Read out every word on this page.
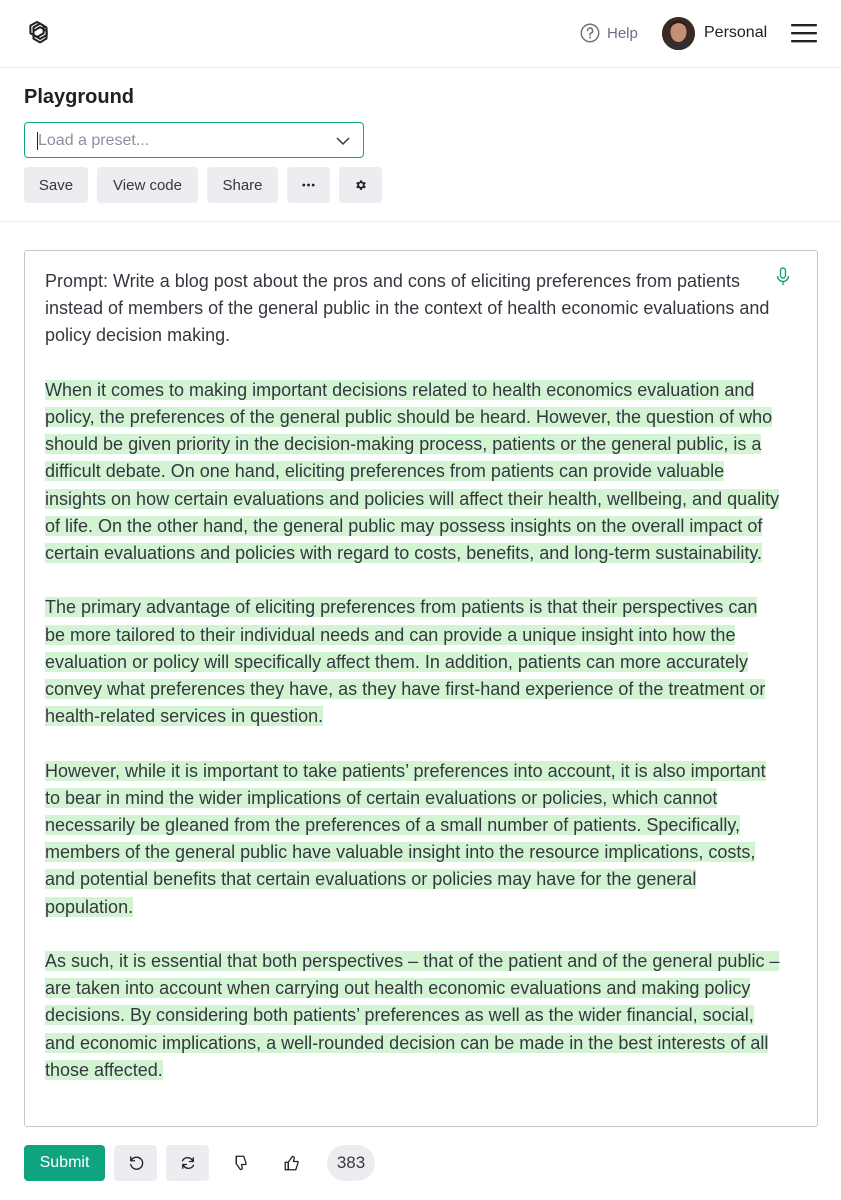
Help	Personal
Playground
Load a preset...
Save	View code	Share

Prompt: Write a blog post about the pros and cons of eliciting preferences from patients instead of members of the general public in the context of health economic evaluations and policy decision making.

When it comes to making important decisions related to health economics evaluation and policy, the preferences of the general public should be heard. However, the question of who should be given priority in the decision-making process, patients or the general public, is a difficult debate. On one hand, eliciting preferences from patients can provide valuable insights on how certain evaluations and policies will affect their health, wellbeing, and quality of life. On the other hand, the general public may possess insights on the overall impact of certain evaluations and policies with regard to costs, benefits, and long-term sustainability.

The primary advantage of eliciting preferences from patients is that their perspectives can be more tailored to their individual needs and can provide a unique insight into how the evaluation or policy will specifically affect them. In addition, patients can more accurately convey what preferences they have, as they have first-hand experience of the treatment or health-related services in question.

However, while it is important to take patients’ preferences into account, it is also important to bear in mind the wider implications of certain evaluations or policies, which cannot necessarily be gleaned from the preferences of a small number of patients. Specifically, members of the general public have valuable insight into the resource implications, costs, and potential benefits that certain evaluations or policies may have for the general population.

As such, it is essential that both perspectives – that of the patient and of the general public – are taken into account when carrying out health economic evaluations and making policy decisions. By considering both patients’ preferences as well as the wider financial, social, and economic implications, a well-rounded decision can be made in the best interests of all those affected.

Submit	383
